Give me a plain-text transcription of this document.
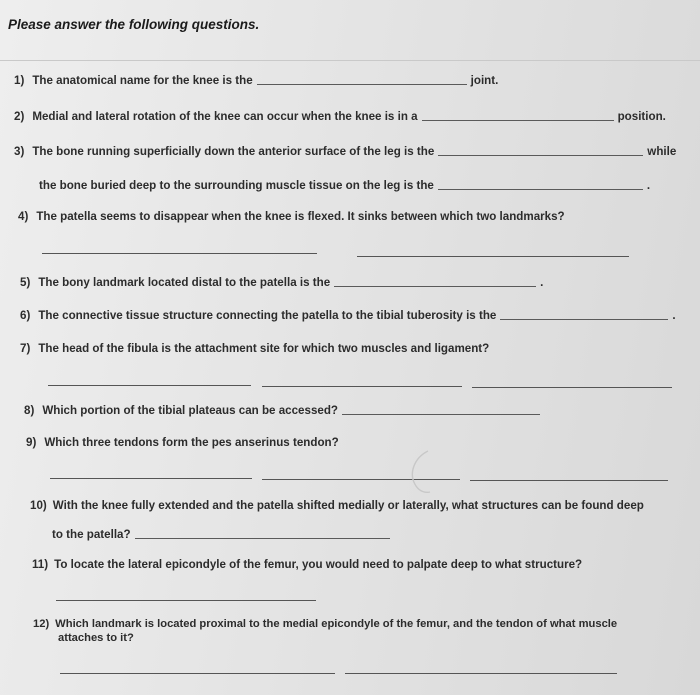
Please answer the following questions.
1) The anatomical name for the knee is the	joint.
2) Medial and lateral rotation of the knee can occur when the knee is in a	position.
3) The bone running superficially down the anterior surface of the leg is the	while
the bone buried deep to the surrounding muscle tissue on the leg is the	.
4) The patella seems to disappear when the knee is flexed. It sinks between which two landmarks?
5) The bony landmark located distal to the patella is the	.
6) The connective tissue structure connecting the patella to the tibial tuberosity is the	.
7) The head of the fibula is the attachment site for which two muscles and ligament?
8) Which portion of the tibial plateaus can be accessed?
9) Which three tendons form the pes anserinus tendon?
10) With the knee fully extended and the patella shifted medially or laterally, what structures can be found deep
to the patella?
11) To locate the lateral epicondyle of the femur, you would need to palpate deep to what structure?
12) Which landmark is located proximal to the medial epicondyle of the femur, and the tendon of what muscle
attaches to it?
